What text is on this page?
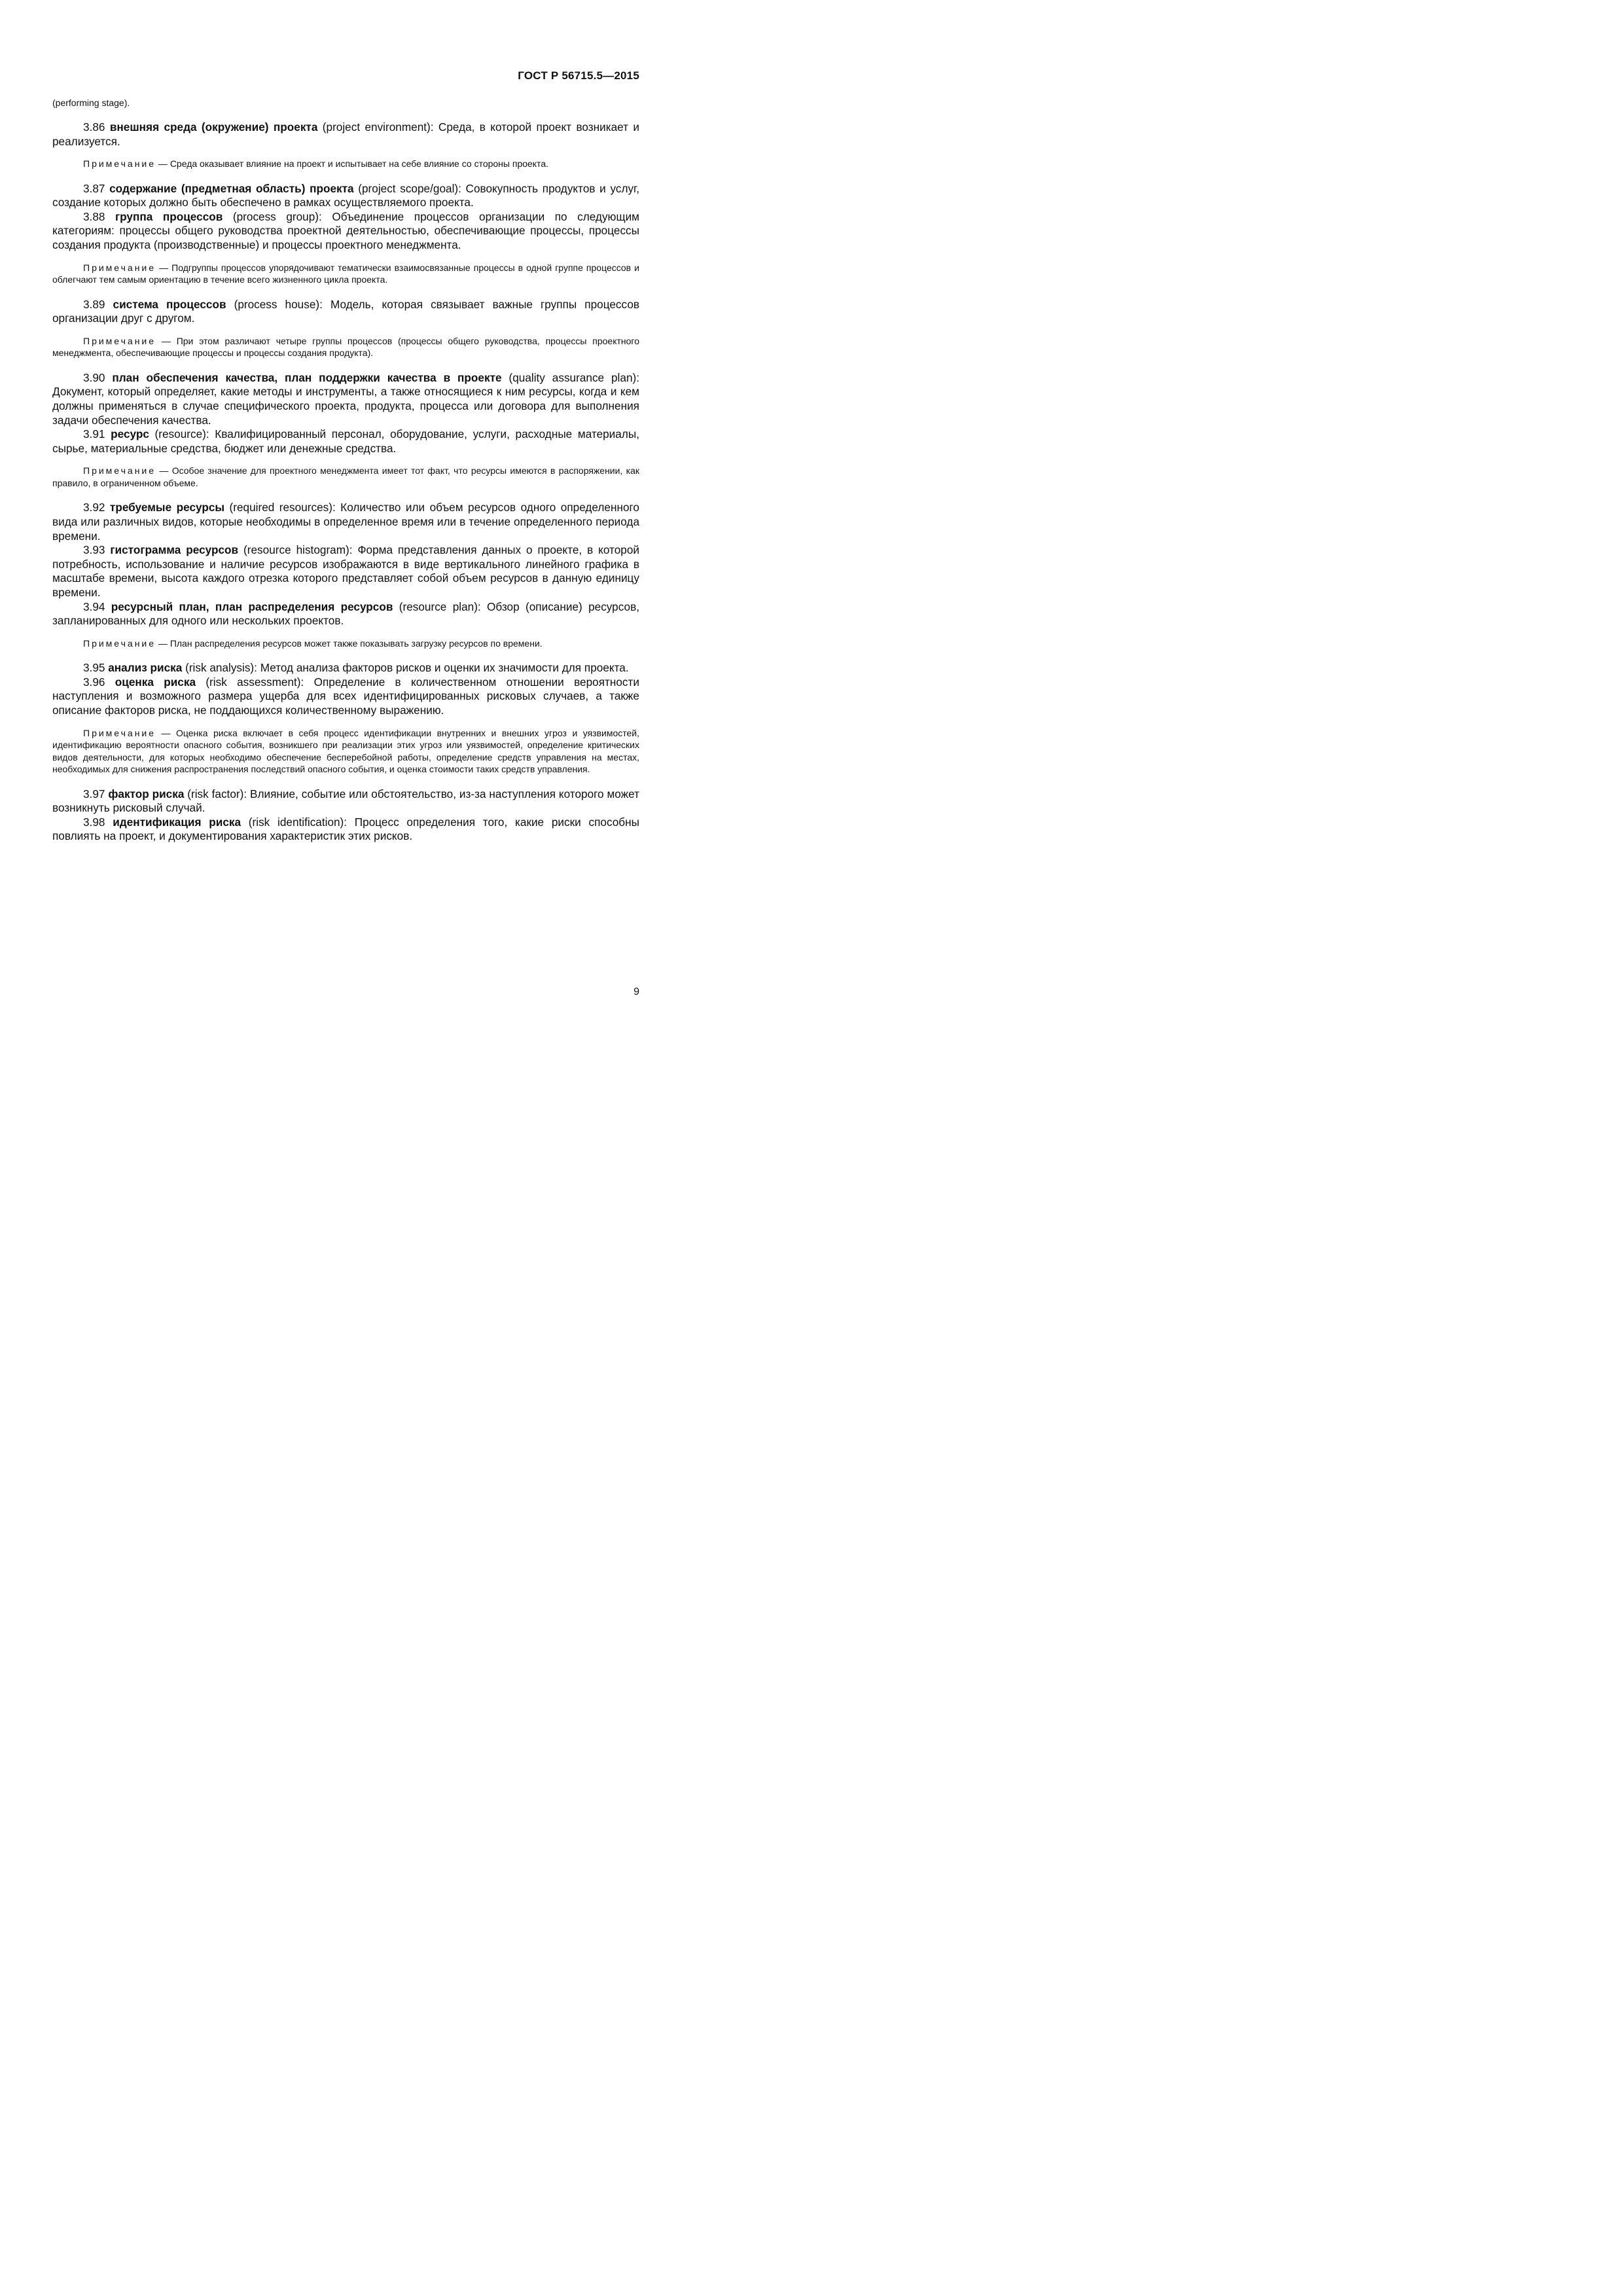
ГОСТ Р 56715.5—2015

(performing stage).

3.86 внешняя среда (окружение) проекта (project environment): Среда, в которой проект возникает и реализуется.

Примечание — Среда оказывает влияние на проект и испытывает на себе влияние со стороны проекта.

3.87 содержание (предметная область) проекта (project scope/goal): Совокупность продуктов и услуг, создание которых должно быть обеспечено в рамках осуществляемого проекта.

3.88 группа процессов (process group): Объединение процессов организации по следующим категориям: процессы общего руководства проектной деятельностью, обеспечивающие процессы, процессы создания продукта (производственные) и процессы проектного менеджмента.

Примечание — Подгруппы процессов упорядочивают тематически взаимосвязанные процессы в одной группе процессов и облегчают тем самым ориентацию в течение всего жизненного цикла проекта.

3.89 система процессов (process house): Модель, которая связывает важные группы процессов организации друг с другом.

Примечание — При этом различают четыре группы процессов (процессы общего руководства, процессы проектного менеджмента, обеспечивающие процессы и процессы создания продукта).

3.90 план обеспечения качества, план поддержки качества в проекте (quality assurance plan): Документ, который определяет, какие методы и инструменты, а также относящиеся к ним ресурсы, когда и кем должны применяться в случае специфического проекта, продукта, процесса или договора для выполнения задачи обеспечения качества.

3.91 ресурс (resource): Квалифицированный персонал, оборудование, услуги, расходные материалы, сырье, материальные средства, бюджет или денежные средства.

Примечание — Особое значение для проектного менеджмента имеет тот факт, что ресурсы имеются в распоряжении, как правило, в ограниченном объеме.

3.92 требуемые ресурсы (required resources): Количество или объем ресурсов одного определенного вида или различных видов, которые необходимы в определенное время или в течение определенного периода времени.

3.93 гистограмма ресурсов (resource histogram): Форма представления данных о проекте, в которой потребность, использование и наличие ресурсов изображаются в виде вертикального линейного графика в масштабе времени, высота каждого отрезка которого представляет собой объем ресурсов в данную единицу времени.

3.94 ресурсный план, план распределения ресурсов (resource plan): Обзор (описание) ресурсов, запланированных для одного или нескольких проектов.

Примечание — План распределения ресурсов может также показывать загрузку ресурсов по времени.

3.95 анализ риска (risk analysis): Метод анализа факторов рисков и оценки их значимости для проекта.

3.96 оценка риска (risk assessment): Определение в количественном отношении вероятности наступления и возможного размера ущерба для всех идентифицированных рисковых случаев, а также описание факторов риска, не поддающихся количественному выражению.

Примечание — Оценка риска включает в себя процесс идентификации внутренних и внешних угроз и уязвимостей, идентификацию вероятности опасного события, возникшего при реализации этих угроз или уязвимостей, определение критических видов деятельности, для которых необходимо обеспечение бесперебойной работы, определение средств управления на местах, необходимых для снижения распространения последствий опасного события, и оценка стоимости таких средств управления.

3.97 фактор риска (risk factor): Влияние, событие или обстоятельство, из-за наступления которого может возникнуть рисковый случай.

3.98 идентификация риска (risk identification): Процесс определения того, какие риски способны повлиять на проект, и документирования характеристик этих рисков.

9
